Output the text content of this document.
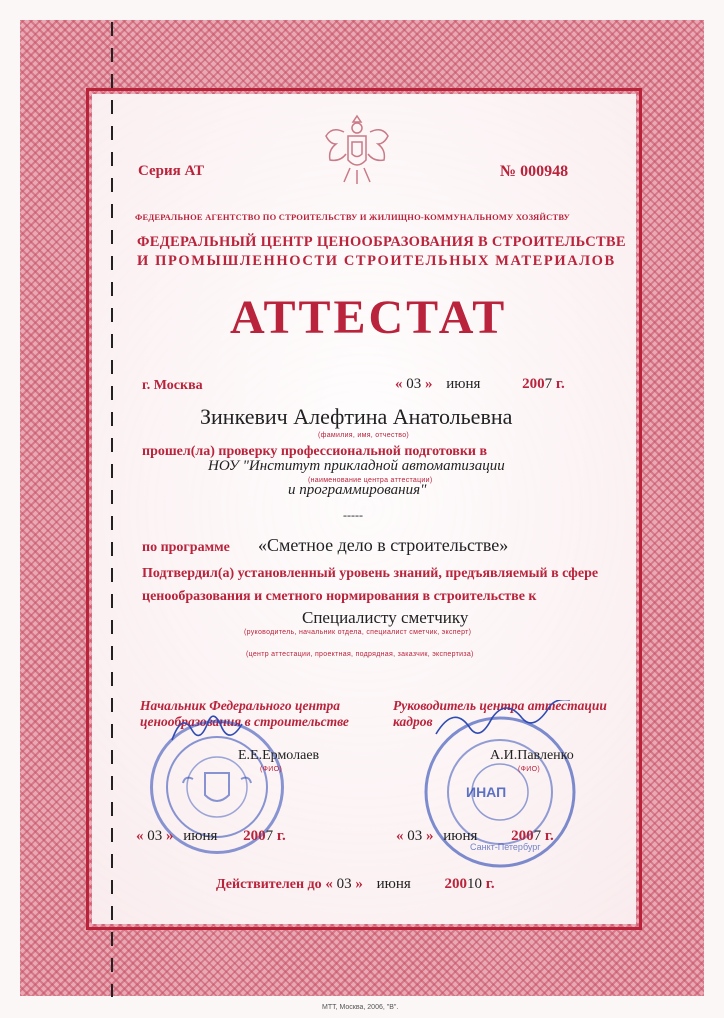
Серия АТ	№ 000948
ФЕДЕРАЛЬНОЕ АГЕНТСТВО ПО СТРОИТЕЛЬСТВУ И ЖИЛИЩНО-КОММУНАЛЬНОМУ ХОЗЯЙСТВУ
ФЕДЕРАЛЬНЫЙ ЦЕНТР ЦЕНООБРАЗОВАНИЯ В СТРОИТЕЛЬСТВЕ
И ПРОМЫШЛЕННОСТИ СТРОИТЕЛЬНЫХ МАТЕРИАЛОВ
АТТЕСТАТ
г. Москва	« 03 » июня	2007 г.
Зинкевич Алефтина Анатольевна
(фамилия, имя, отчество)
прошел(ла) проверку профессиональной подготовки в
НОУ "Институт прикладной автоматизации
(наименование центра аттестации)
и программирования"
-----
по программе «Сметное дело в строительстве»
Подтвердил(а) установленный уровень знаний, предъявляемый в сфере
ценообразования и сметного нормирования в строительстве к
Специалисту сметчику
(руководитель, начальник отдела, специалист сметчик, эксперт)
(центр аттестации, проектная, подрядная, заказчик, экспертиза)
Начальник Федерального центра
ценообразования в строительстве
Е.Е.Ермолаев
(ФИО)
« 03 » июня 2007 г.
Руководитель центра аттестации
кадров
ИНАП
Санкт-Петербург
А.И.Павленко
(ФИО)
« 03 » июня 2007 г.
Действителен до « 03 » июня 20010 г.
МТТ, Москва, 2006, "В".
